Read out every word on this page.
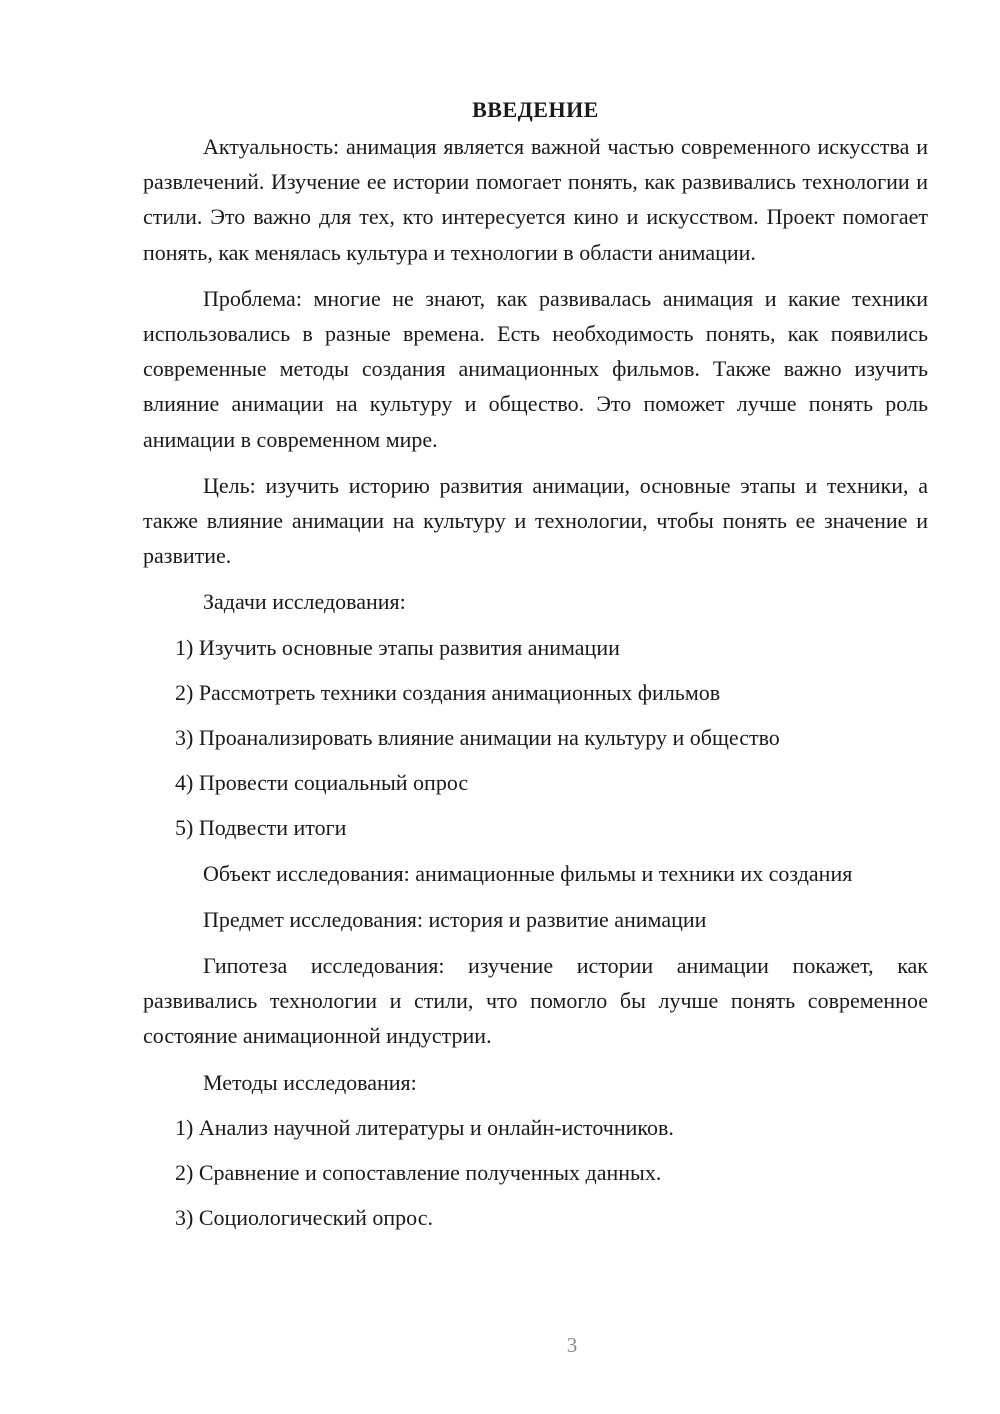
ВВЕДЕНИЕ

Актуальность: анимация является важной частью современного искусства и развлечений. Изучение ее истории помогает понять, как развивались технологии и стили. Это важно для тех, кто интересуется кино и искусством. Проект помогает понять, как менялась культура и технологии в области анимации.

Проблема: многие не знают, как развивалась анимация и какие техники использовались в разные времена. Есть необходимость понять, как появились современные методы создания анимационных фильмов. Также важно изучить влияние анимации на культуру и общество. Это поможет лучше понять роль анимации в современном мире.

Цель: изучить историю развития анимации, основные этапы и техники, а также влияние анимации на культуру и технологии, чтобы понять ее значение и развитие.

Задачи исследования:
1) Изучить основные этапы развития анимации
2) Рассмотреть техники создания анимационных фильмов
3) Проанализировать влияние анимации на культуру и общество
4) Провести социальный опрос
5) Подвести итоги

Объект исследования: анимационные фильмы и техники их создания

Предмет исследования: история и развитие анимации

Гипотеза исследования: изучение истории анимации покажет, как развивались технологии и стили, что помогло бы лучше понять современное состояние анимационной индустрии.

Методы исследования:
1) Анализ научной литературы и онлайн-источников.
2) Сравнение и сопоставление полученных данных.
3) Социологический опрос.
3
